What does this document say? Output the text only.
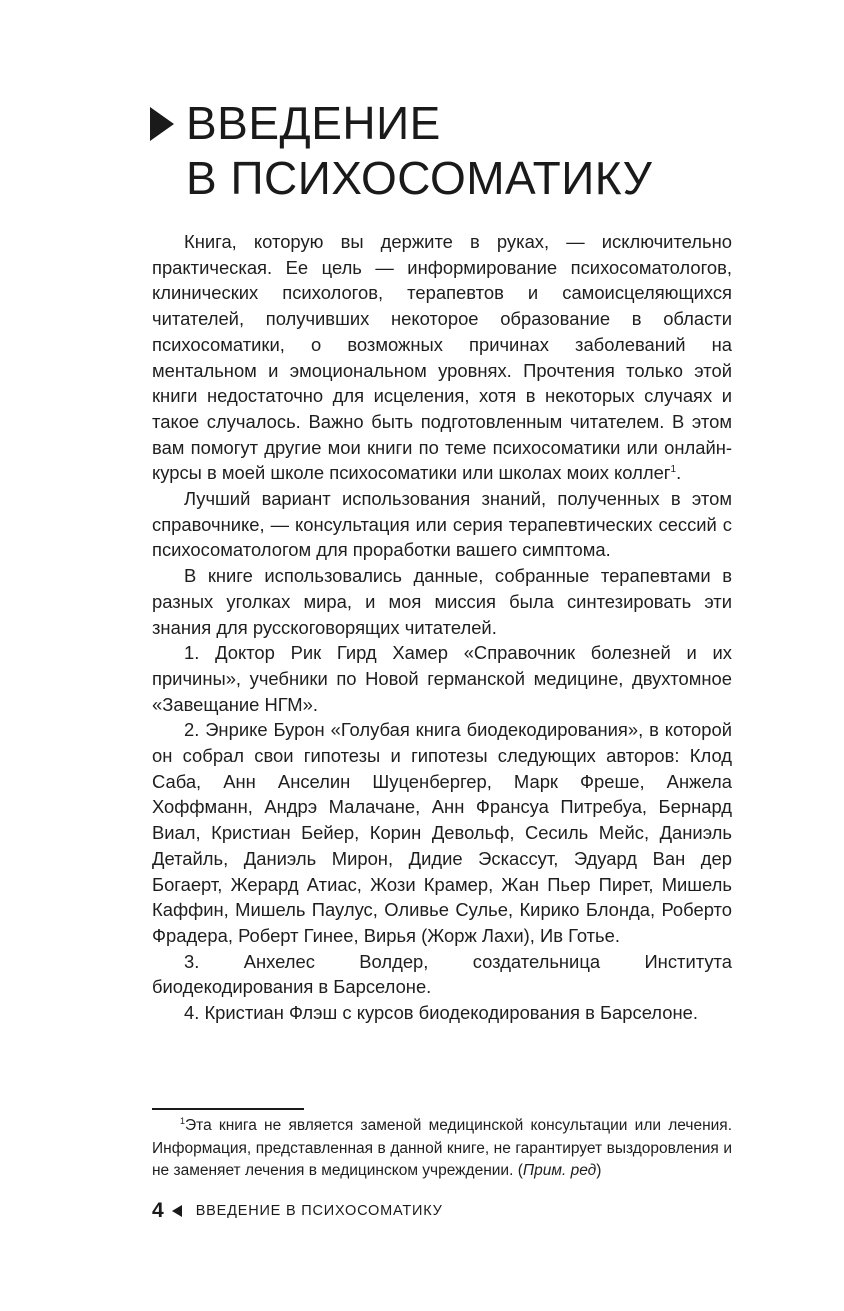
ВВЕДЕНИЕ
В ПСИХОСОМАТИКУ

Книга, которую вы держите в руках, — исключительно практическая. Ее цель — информирование психосоматологов, клинических психологов, терапевтов и самоисцеляющихся читателей, получивших некоторое образование в области психосоматики, о возможных причинах заболеваний на ментальном и эмоциональном уровнях. Прочтения только этой книги недостаточно для исцеления, хотя в некоторых случаях и такое случалось. Важно быть подготовленным читателем. В этом вам помогут другие мои книги по теме психосоматики или онлайн-курсы в моей школе психосоматики или школах моих коллег$^1$.

Лучший вариант использования знаний, полученных в этом справочнике, — консультация или серия терапевтических сессий с психосоматологом для проработки вашего симптома.

В книге использовались данные, собранные терапевтами в разных уголках мира, и моя миссия была синтезировать эти знания для русскоговорящих читателей.

1. Доктор Рик Гирд Хамер «Справочник болезней и их причины», учебники по Новой германской медицине, двухтомное «Завещание НГМ».

2. Энрике Бурон «Голубая книга биодекодирования», в которой он собрал свои гипотезы и гипотезы следующих авторов: Клод Саба, Анн Анселин Шуценбергер, Марк Фреше, Анжела Хоффманн, Андрэ Малачане, Анн Франсуа Питребуа, Бернард Виал, Кристиан Бейер, Корин Девольф, Сесиль Мейс, Даниэль Детайль, Даниэль Мирон, Дидие Эскассут, Эдуард Ван дер Богаерт, Жерард Атиас, Жози Крамер, Жан Пьер Пирет, Мишель Каффин, Мишель Паулус, Оливье Сулье, Кирико Блонда, Роберто Фрадера, Роберт Гинее, Вирья (Жорж Лахи), Ив Готье.

3. Анхелес Волдер, создательница Института биодекодирования в Барселоне.

4. Кристиан Флэш с курсов биодекодирования в Барселоне.

$^1$Эта книга не является заменой медицинской консультации или лечения. Информация, представленная в данной книге, не гарантирует выздоровления и не заменяет лечения в медицинском учреждении. (Прим. ред)

4 ВВЕДЕНИЕ В ПСИХОСОМАТИКУ
